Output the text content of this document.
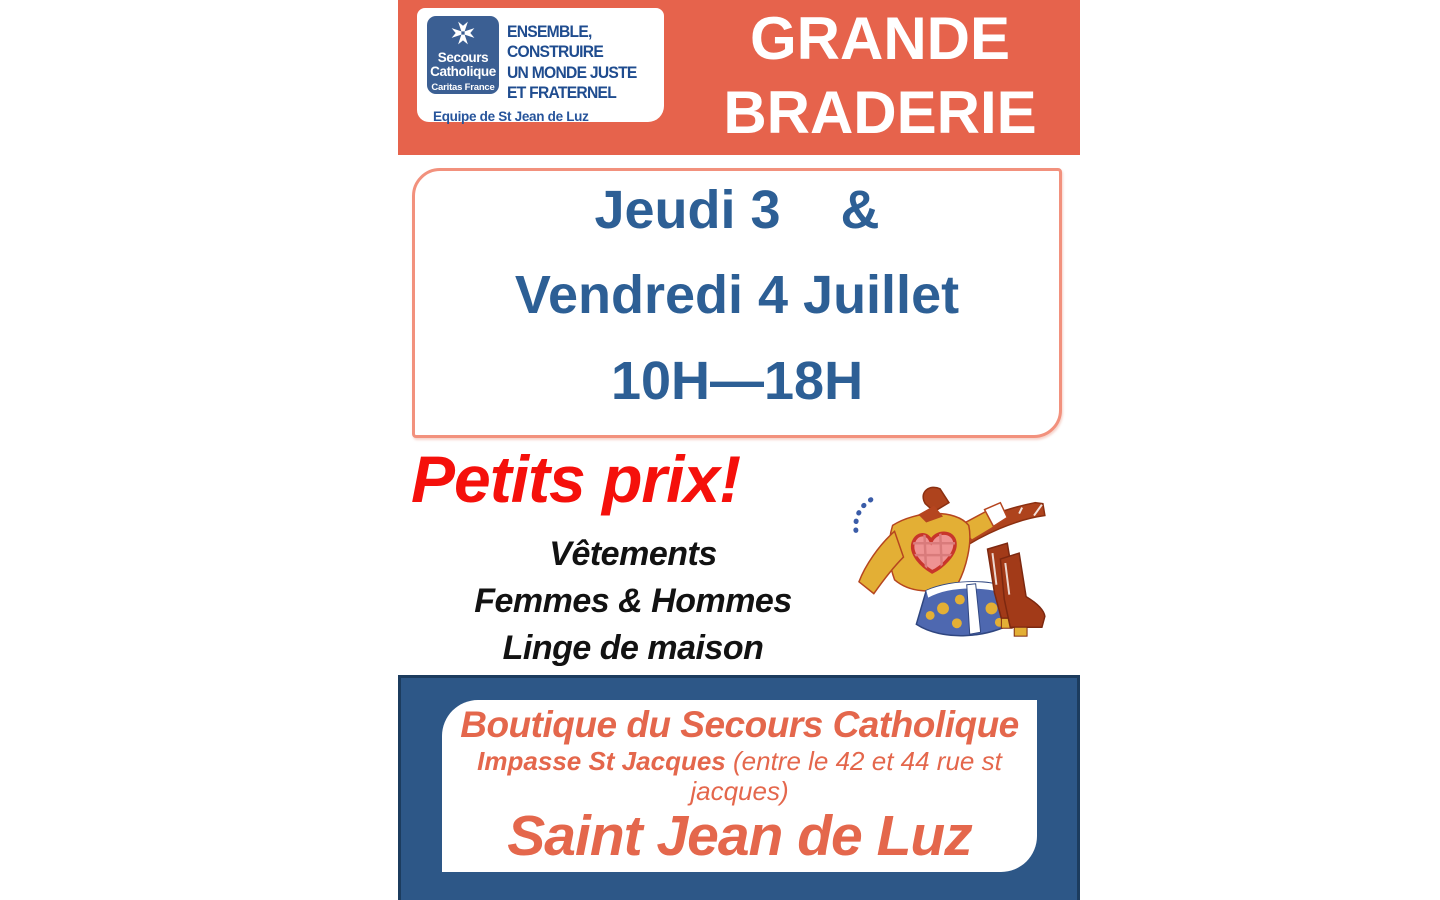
Secours
Catholique
Caritas France
ENSEMBLE,
CONSTRUIRE
UN MONDE JUSTE
ET FRATERNEL
Equipe de St Jean de Luz
GRANDE
BRADERIE
Jeudi 3    &
Vendredi 4 Juillet
10H—18H
Petits prix!
Vêtements
Femmes & Hommes
Linge de maison
Boutique du Secours Catholique
Impasse St Jacques (entre le 42 et 44 rue st jacques)
Saint Jean de Luz
